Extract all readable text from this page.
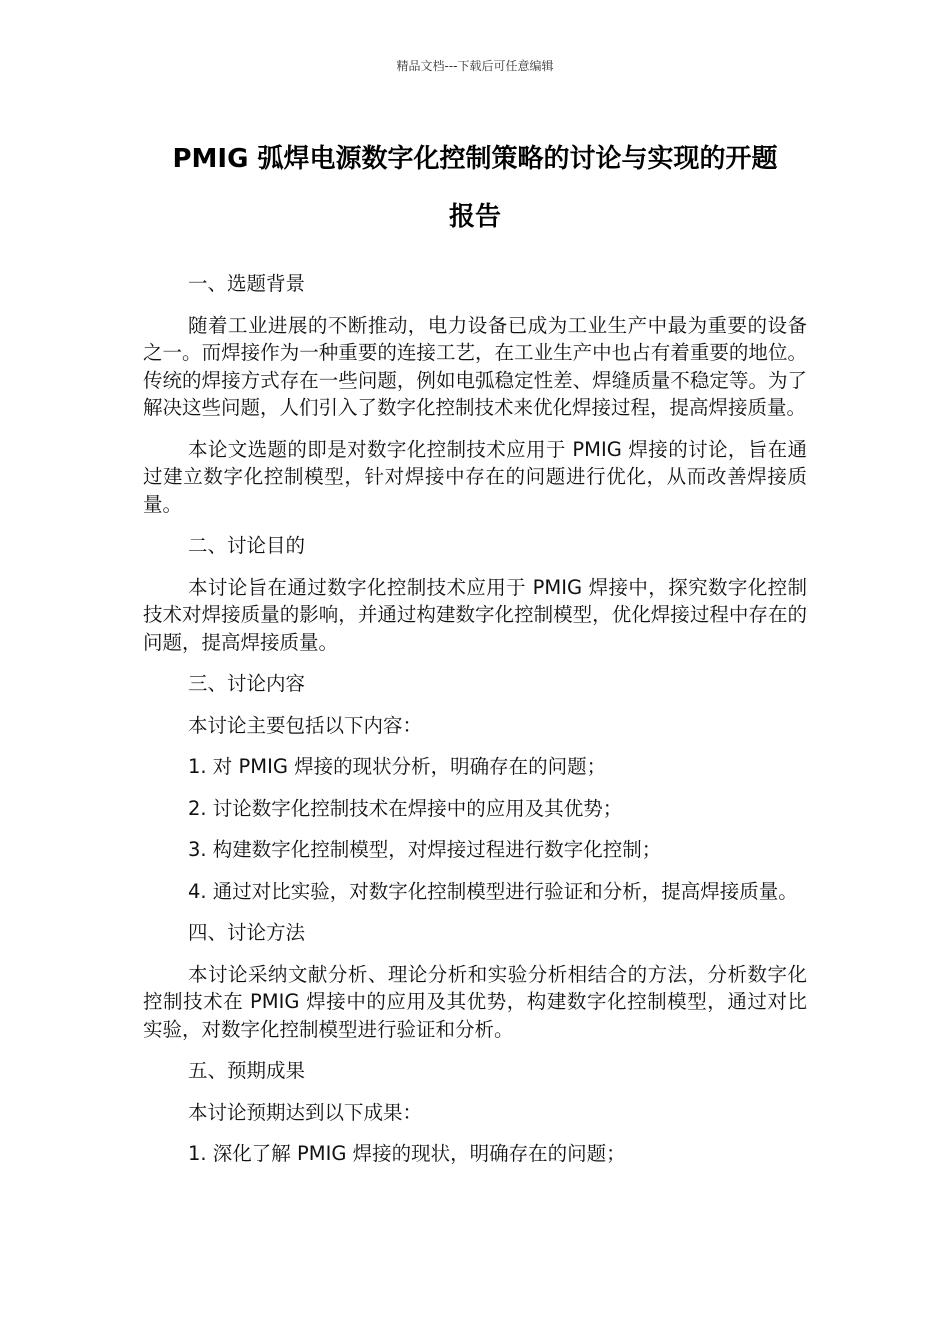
精品文档---下载后可任意编辑
PMIG 弧焊电源数字化控制策略的讨论与实现的开题
报告

一、选题背景

随着工业进展的不断推动，电力设备已成为工业生产中最为重要的设备之一。而焊接作为一种重要的连接工艺，在工业生产中也占有着重要的地位。传统的焊接方式存在一些问题，例如电弧稳定性差、焊缝质量不稳定等。为了解决这些问题，人们引入了数字化控制技术来优化焊接过程，提高焊接质量。

本论文选题的即是对数字化控制技术应用于 PMIG 焊接的讨论，旨在通过建立数字化控制模型，针对焊接中存在的问题进行优化，从而改善焊接质量。

二、讨论目的

本讨论旨在通过数字化控制技术应用于 PMIG 焊接中，探究数字化控制技术对焊接质量的影响，并通过构建数字化控制模型，优化焊接过程中存在的问题，提高焊接质量。

三、讨论内容

本讨论主要包括以下内容：

1. 对 PMIG 焊接的现状分析，明确存在的问题；

2. 讨论数字化控制技术在焊接中的应用及其优势；

3. 构建数字化控制模型，对焊接过程进行数字化控制；

4. 通过对比实验，对数字化控制模型进行验证和分析，提高焊接质量。

四、讨论方法

本讨论采纳文献分析、理论分析和实验分析相结合的方法，分析数字化控制技术在 PMIG 焊接中的应用及其优势，构建数字化控制模型，通过对比实验，对数字化控制模型进行验证和分析。

五、预期成果

本讨论预期达到以下成果：

1. 深化了解 PMIG 焊接的现状，明确存在的问题；
